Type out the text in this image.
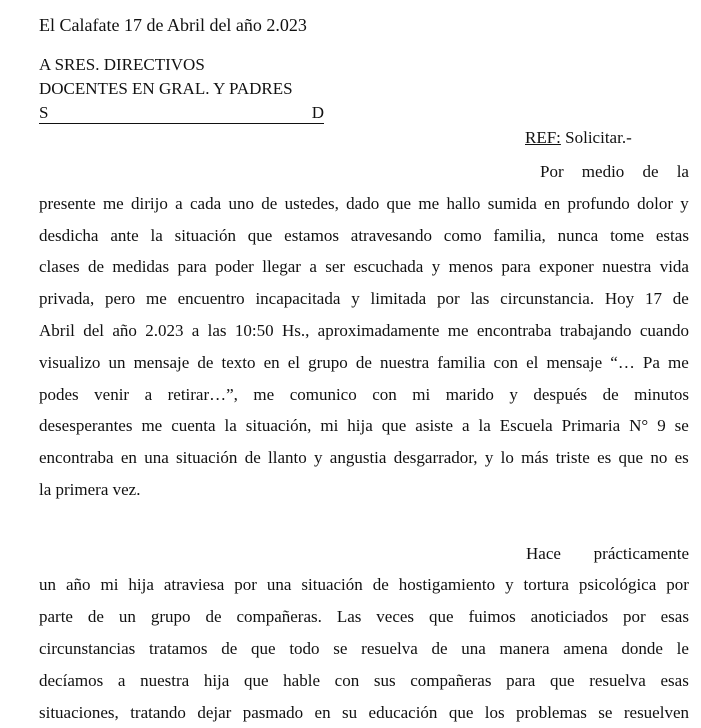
El Calafate 17 de Abril del año 2.023
A SRES. DIRECTIVOS
DOCENTES EN GRAL. Y PADRES
S	D
REF: Solicitar.-
Por medio de la
presente me dirijo a cada uno de ustedes, dado que me hallo sumida en profundo dolor y
desdicha ante la situación que estamos atravesando como familia, nunca tome estas
clases de medidas para poder llegar a ser escuchada y menos para exponer nuestra vida
privada, pero me encuentro incapacitada y limitada por las circunstancia. Hoy 17 de
Abril del año 2.023 a las 10:50 Hs., aproximadamente me encontraba trabajando cuando
visualizo un mensaje de texto en el grupo de nuestra familia con el mensaje “… Pa me
podes venir a retirar…”, me comunico con mi marido y después de minutos
desesperantes me cuenta la situación, mi hija que asiste a la Escuela Primaria N° 9 se
encontraba en una situación de llanto y angustia desgarrador, y lo más triste es que no es
la primera vez.
Hace prácticamente
un año mi hija atraviesa por una situación de hostigamiento y tortura psicológica por
parte de un grupo de compañeras. Las veces que fuimos anoticiados por esas
circunstancias tratamos de que todo se resuelva de una manera amena donde le
decíamos a nuestra hija que hable con sus compañeras para que resuelva esas
situaciones, tratando dejar pasmado en su educación que los problemas se resuelven
